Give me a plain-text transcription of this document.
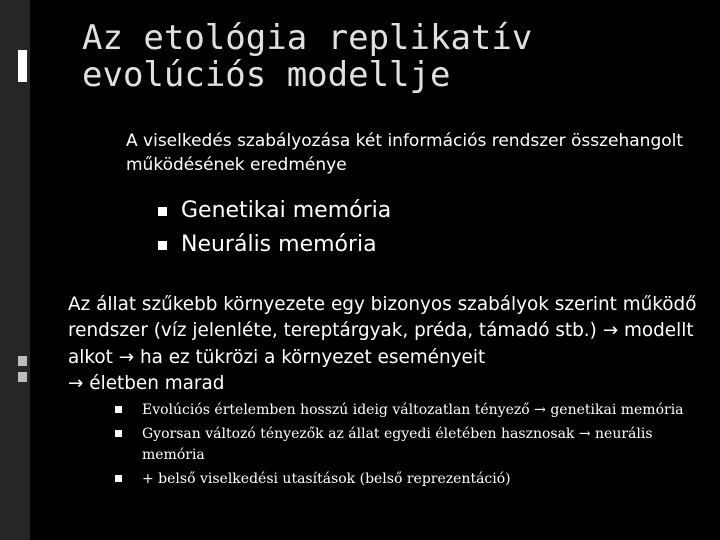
Az etológia replikatív evolúciós modellje
A viselkedés szabályozása két információs rendszer összehangolt működésének eredménye
Genetikai memória
Neurális memória
Az állat szűkebb környezete egy bizonyos szabályok szerint működő rendszer (víz jelenléte, tereptárgyak, préda, támadó stb.) → modellt alkot → ha ez tükrözi a környezet eseményeit
→ életben marad
Evolúciós értelemben hosszú ideig változatlan tényező → genetikai memória
Gyorsan változó tényezők az állat egyedi életében hasznosak → neurális memória
+ belső viselkedési utasítások (belső reprezentáció)
